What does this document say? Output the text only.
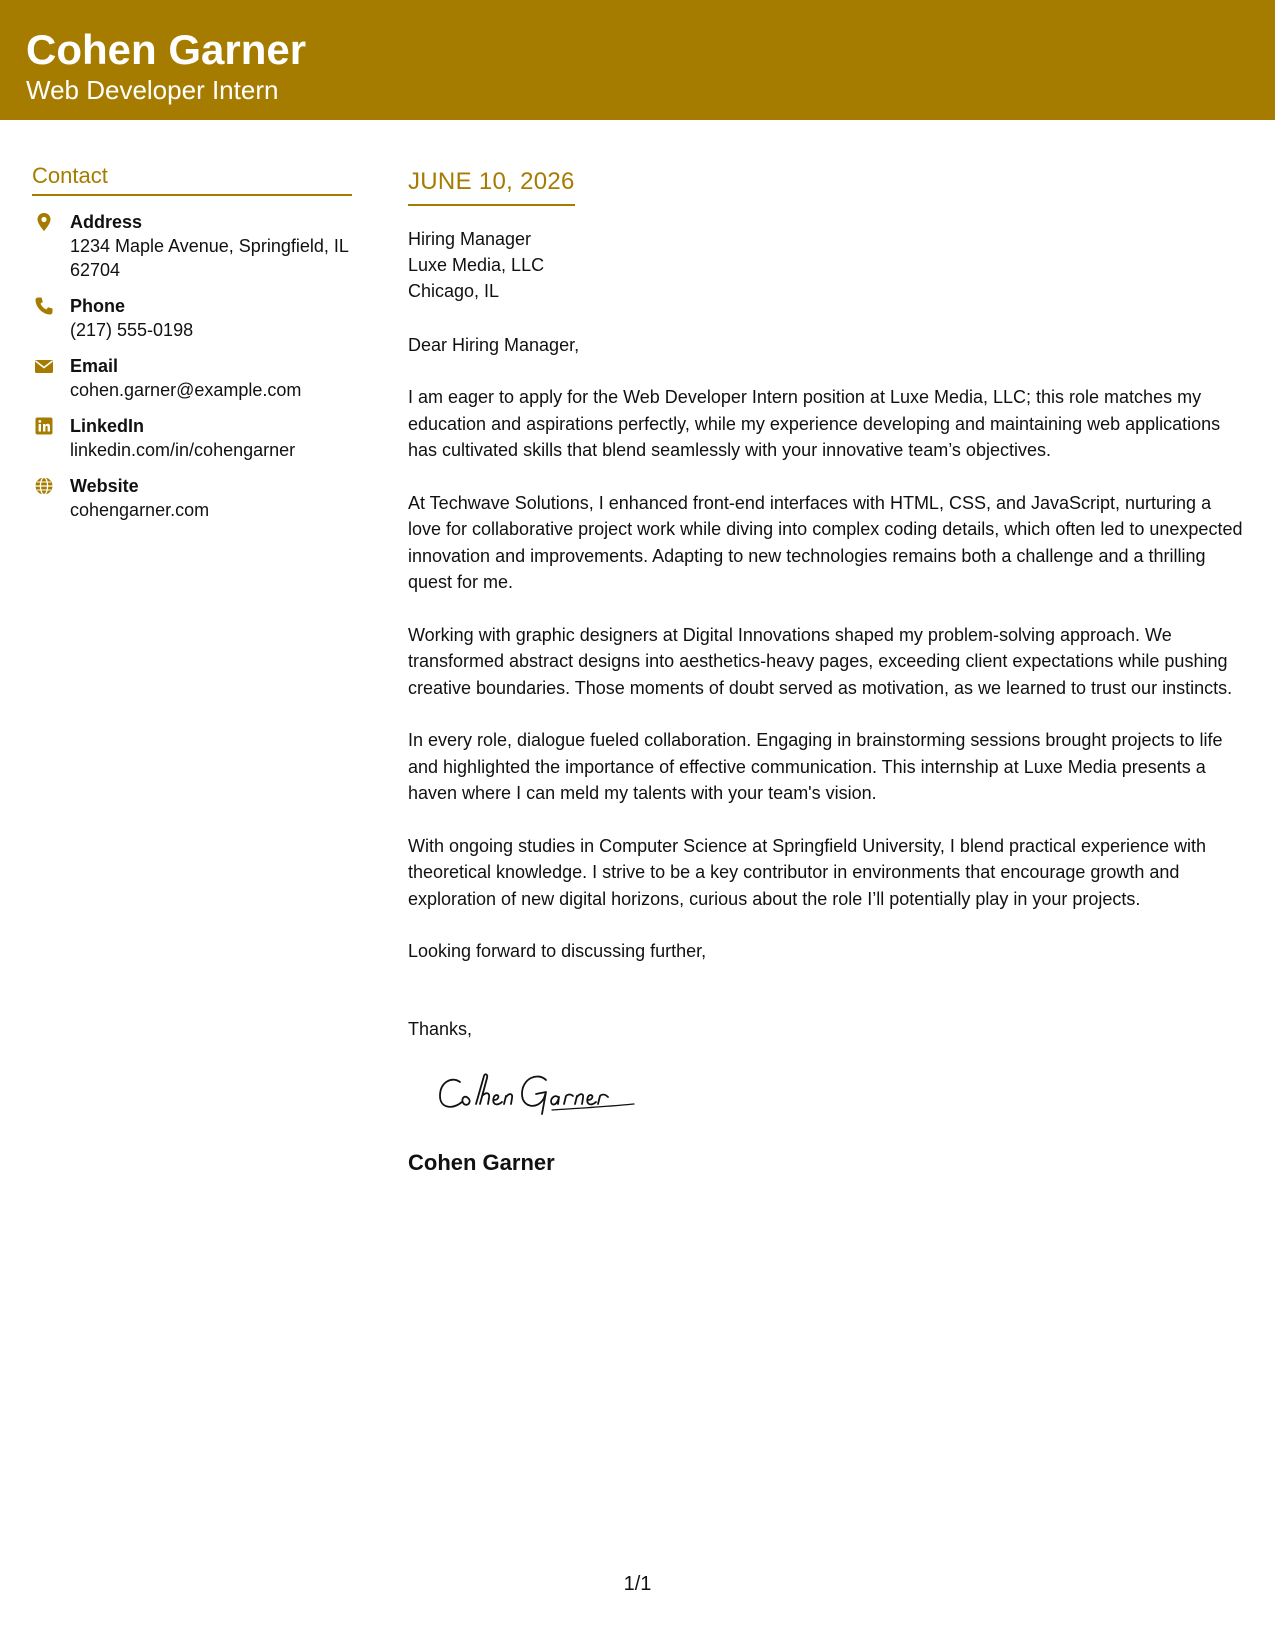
Cohen Garner
Web Developer Intern
Contact
Address
1234 Maple Avenue, Springfield, IL 62704
Phone
(217) 555-0198
Email
cohen.garner@example.com
LinkedIn
linkedin.com/in/cohengarner
Website
cohengarner.com
JUNE 10, 2026
Hiring Manager
Luxe Media, LLC
Chicago, IL
Dear Hiring Manager,
I am eager to apply for the Web Developer Intern position at Luxe Media, LLC; this role matches my education and aspirations perfectly, while my experience developing and maintaining web applications has cultivated skills that blend seamlessly with your innovative team’s objectives.
At Techwave Solutions, I enhanced front-end interfaces with HTML, CSS, and JavaScript, nurturing a love for collaborative project work while diving into complex coding details, which often led to unexpected innovation and improvements. Adapting to new technologies remains both a challenge and a thrilling quest for me.
Working with graphic designers at Digital Innovations shaped my problem-solving approach. We transformed abstract designs into aesthetics-heavy pages, exceeding client expectations while pushing creative boundaries. Those moments of doubt served as motivation, as we learned to trust our instincts.
In every role, dialogue fueled collaboration. Engaging in brainstorming sessions brought projects to life and highlighted the importance of effective communication. This internship at Luxe Media presents a haven where I can meld my talents with your team's vision.
With ongoing studies in Computer Science at Springfield University, I blend practical experience with theoretical knowledge. I strive to be a key contributor in environments that encourage growth and exploration of new digital horizons, curious about the role I’ll potentially play in your projects.
Looking forward to discussing further,
Thanks,
Cohen Garner
1/1
